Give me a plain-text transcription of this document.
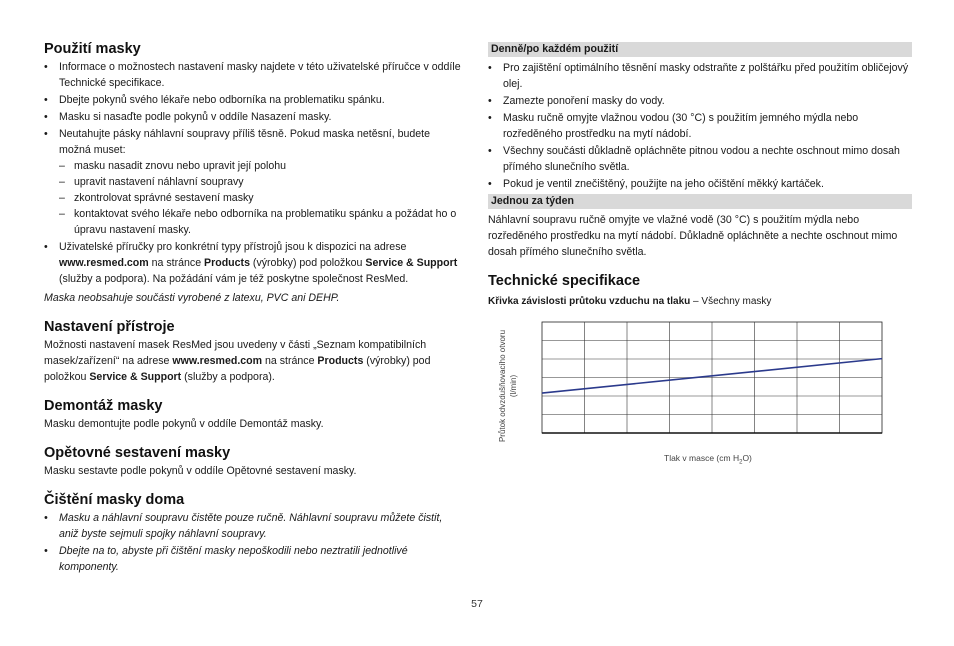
Použití masky
•	Informace o možnostech nastavení masky najdete v této uživatelské příručce v oddíle Technické specifikace.
•	Dbejte pokynů svého lékaře nebo odborníka na problematiku spánku.
•	Masku si nasaďte podle pokynů v oddíle Nasazení masky.
•	Neutahujte pásky náhlavní soupravy příliš těsně. Pokud maska netěsní, budete možná muset:
– masku nasadit znovu nebo upravit její polohu
– upravit nastavení náhlavní soupravy
– zkontrolovat správné sestavení masky
– kontaktovat svého lékaře nebo odborníka na problematiku spánku a požádat ho o úpravu nastavení masky.
•	Uživatelské příručky pro konkrétní typy přístrojů jsou k dispozici na adrese www.resmed.com na stránce Products (výrobky) pod položkou Service & Support (služby a podpora). Na požádání vám je též poskytne společnost ResMed.

Maska neobsahuje součásti vyrobené z latexu, PVC ani DEHP.

Nastavení přístroje

Možnosti nastavení masek ResMed jsou uvedeny v části „Seznam kompatibilních masek/zařízení“ na adrese www.resmed.com na stránce Products (výrobky) pod položkou Service & Support (služby a podpora).

Demontáž masky

Masku demontujte podle pokynů v oddíle Demontáž masky.

Opětovné sestavení masky

Masku sestavte podle pokynů v oddíle Opětovné sestavení masky.

Čištění masky doma
•	Masku a náhlavní soupravu čistěte pouze ručně. Náhlavní soupravu můžete čistit, aniž byste sejmuli spojky náhlavní soupravy.
•	Dbejte na to, abyste při čištění masky nepoškodili nebo neztratili jednotlivé komponenty.
Denně/po každém použití
•	Pro zajištění optimálního těsnění masky odstraňte z polštářku před použitím obličejový olej.
•	Zamezte ponoření masky do vody.
•	Masku ručně omyjte vlažnou vodou (30 °C) s použitím jemného mýdla nebo rozředěného prostředku na mytí nádobí.
•	Všechny součásti důkladně opláchněte pitnou vodou a nechte oschnout mimo dosah přímého slunečního světla.
•	Pokud je ventil znečištěný, použijte na jeho očištění měkký kartáček.
Jednou za týden

Náhlavní soupravu ručně omyjte ve vlažné vodě (30 °C) s použitím mýdla nebo rozředěného prostředku na mytí nádobí. Důkladně opláchněte a nechte oschnout mimo dosah přímého slunečního světla.

Technické specifikace

Křivka závislosti průtoku vzduchu na tlaku – Všechny masky

Průtok odvzdušňovacího otvoru (l/min)
Tlak v masce (cm $H_2O$)
57
